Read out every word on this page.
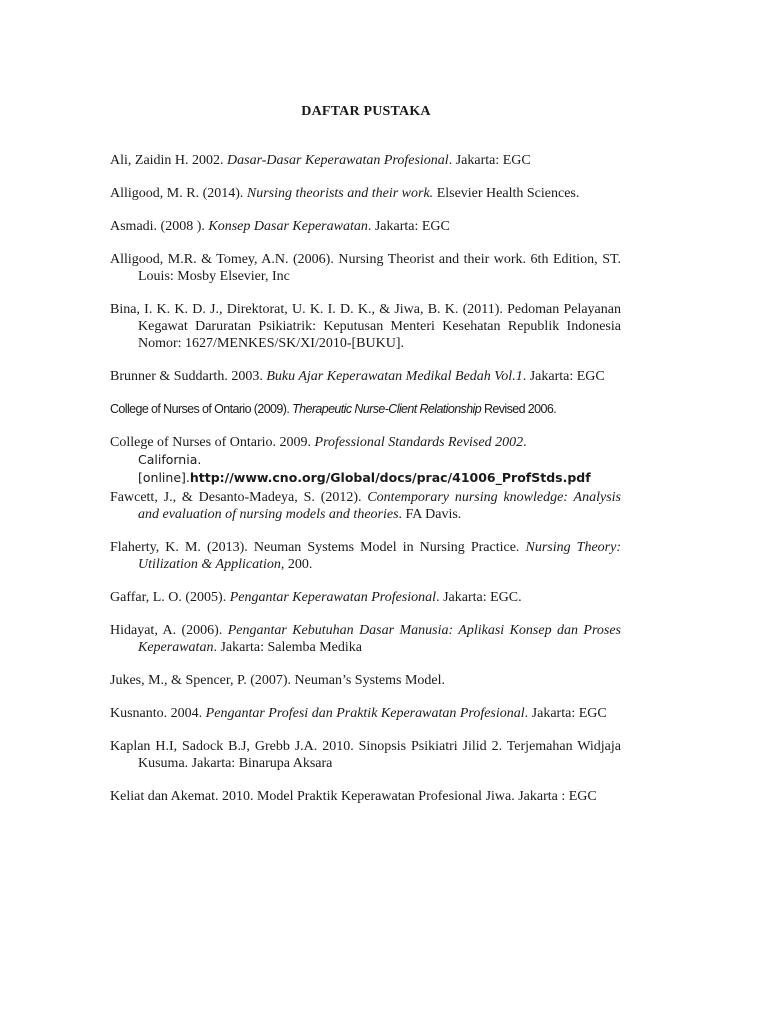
DAFTAR PUSTAKA

Ali, Zaidin H. 2002. Dasar-Dasar Keperawatan Profesional. Jakarta: EGC

Alligood, M. R. (2014). Nursing theorists and their work. Elsevier Health Sciences.

Asmadi. (2008 ). Konsep Dasar Keperawatan. Jakarta: EGC

Alligood, M.R. & Tomey, A.N. (2006). Nursing Theorist and their work. 6th Edition, ST. Louis: Mosby Elsevier, Inc

Bina, I. K. K. D. J., Direktorat, U. K. I. D. K., & Jiwa, B. K. (2011). Pedoman Pelayanan Kegawat Daruratan Psikiatrik: Keputusan Menteri Kesehatan Republik Indonesia Nomor: 1627/MENKES/SK/XI/2010-[BUKU].

Brunner & Suddarth. 2003. Buku Ajar Keperawatan Medikal Bedah Vol.1. Jakarta: EGC

College of Nurses of Ontario (2009). Therapeutic Nurse-Client Relationship Revised 2006.

College of Nurses of Ontario. 2009. Professional Standards Revised 2002.
California.[online].http://www.cno.org/Global/docs/prac/41006_ProfStds.pdf

Fawcett, J., & Desanto-Madeya, S. (2012). Contemporary nursing knowledge: Analysis and evaluation of nursing models and theories. FA Davis.

Flaherty, K. M. (2013). Neuman Systems Model in Nursing Practice. Nursing Theory: Utilization & Application, 200.

Gaffar, L. O. (2005). Pengantar Keperawatan Profesional. Jakarta: EGC.

Hidayat, A. (2006). Pengantar Kebutuhan Dasar Manusia: Aplikasi Konsep dan Proses Keperawatan. Jakarta: Salemba Medika

Jukes, M., & Spencer, P. (2007). Neuman’s Systems Model.

Kusnanto. 2004. Pengantar Profesi dan Praktik Keperawatan Profesional. Jakarta: EGC

Kaplan H.I, Sadock B.J, Grebb J.A. 2010. Sinopsis Psikiatri Jilid 2. Terjemahan Widjaja Kusuma. Jakarta: Binarupa Aksara

Keliat dan Akemat. 2010. Model Praktik Keperawatan Profesional Jiwa. Jakarta : EGC
